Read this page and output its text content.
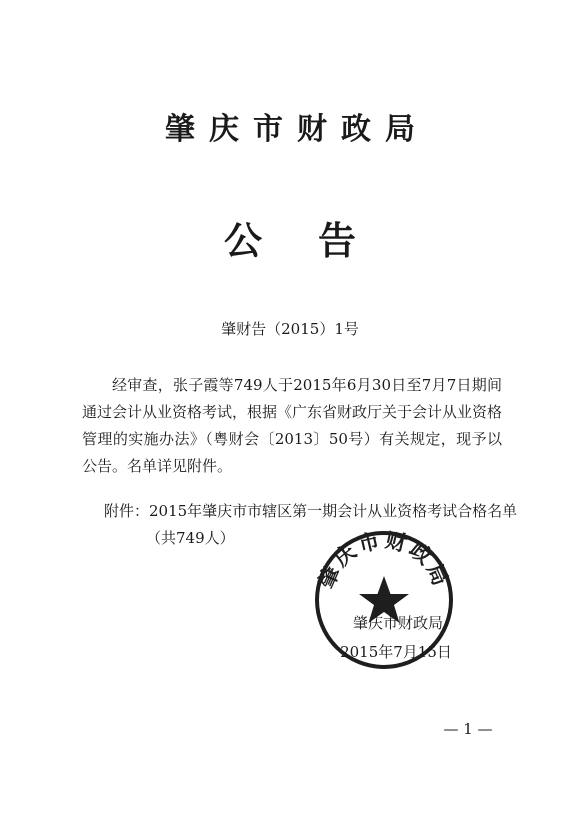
肇庆市财政局
公告
肇财告（2015）1号
经审查，张子霞等749人于2015年6月30日至7月7日期间通过会计从业资格考试，根据《广东省财政厅关于会计从业资格管理的实施办法》（粤财会〔2013〕50号）有关规定，现予以公告。名单详见附件。
附件：2015年肇庆市市辖区第一期会计从业资格考试合格名单（共749人）
肇庆市财政局
肇庆市财政局
2015年7月15日
— 1 —
